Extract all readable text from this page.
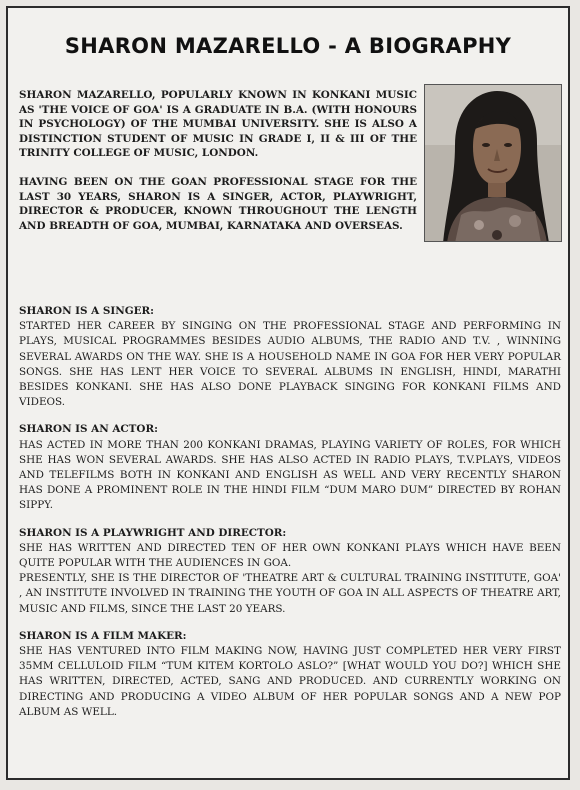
SHARON MAZARELLO - A BIOGRAPHY

SHARON MAZARELLO, POPULARLY KNOWN IN KONKANI MUSIC AS 'THE VOICE OF GOA' IS A GRADUATE IN B.A. (WITH HONOURS IN PSYCHOLOGY) OF THE MUMBAI UNIVERSITY. SHE IS ALSO A DISTINCTION STUDENT OF MUSIC IN GRADE I, II & III OF THE TRINITY COLLEGE OF MUSIC, LONDON.

HAVING BEEN ON THE GOAN PROFESSIONAL STAGE FOR THE LAST 30 YEARS, SHARON IS A SINGER, ACTOR, PLAYWRIGHT, DIRECTOR & PRODUCER, KNOWN THROUGHOUT THE LENGTH AND BREADTH OF GOA, MUMBAI, KARNATAKA AND OVERSEAS.

SHARON IS A SINGER:

STARTED HER CAREER BY SINGING ON THE PROFESSIONAL STAGE AND PERFORMING IN PLAYS, MUSICAL PROGRAMMES BESIDES AUDIO ALBUMS, THE RADIO AND T.V. , WINNING SEVERAL AWARDS ON THE WAY. SHE IS A HOUSEHOLD NAME IN GOA FOR HER VERY POPULAR SONGS. SHE HAS LENT HER VOICE TO SEVERAL ALBUMS IN ENGLISH, HINDI, MARATHI BESIDES KONKANI. SHE HAS ALSO DONE PLAYBACK SINGING FOR KONKANI FILMS AND VIDEOS.

SHARON IS AN ACTOR:

HAS ACTED IN MORE THAN 200 KONKANI DRAMAS, PLAYING VARIETY OF ROLES, FOR WHICH SHE HAS WON SEVERAL AWARDS. SHE HAS ALSO ACTED IN RADIO PLAYS, T.V.PLAYS, VIDEOS AND TELEFILMS BOTH IN KONKANI AND ENGLISH AS WELL AND VERY RECENTLY SHARON HAS DONE A PROMINENT ROLE IN THE HINDI FILM “DUM MARO DUM” DIRECTED BY ROHAN SIPPY.

SHARON IS A PLAYWRIGHT AND DIRECTOR:

SHE HAS WRITTEN AND DIRECTED TEN OF HER OWN KONKANI PLAYS WHICH HAVE BEEN QUITE POPULAR WITH THE AUDIENCES IN GOA.

PRESENTLY, SHE IS THE DIRECTOR OF 'THEATRE ART & CULTURAL TRAINING INSTITUTE, GOA' , AN INSTITUTE INVOLVED IN TRAINING THE YOUTH OF GOA IN ALL ASPECTS OF THEATRE ART, MUSIC AND FILMS, SINCE THE LAST 20 YEARS.

SHARON IS A FILM MAKER:

SHE HAS VENTURED INTO FILM MAKING NOW, HAVING JUST COMPLETED HER VERY FIRST 35MM CELLULOID FILM “TUM KITEM KORTOLO ASLO?” [WHAT WOULD YOU DO?] WHICH SHE HAS WRITTEN, DIRECTED, ACTED, SANG AND PRODUCED. AND CURRENTLY WORKING ON DIRECTING AND PRODUCING A VIDEO ALBUM OF HER POPULAR SONGS AND A NEW POP ALBUM AS WELL.
